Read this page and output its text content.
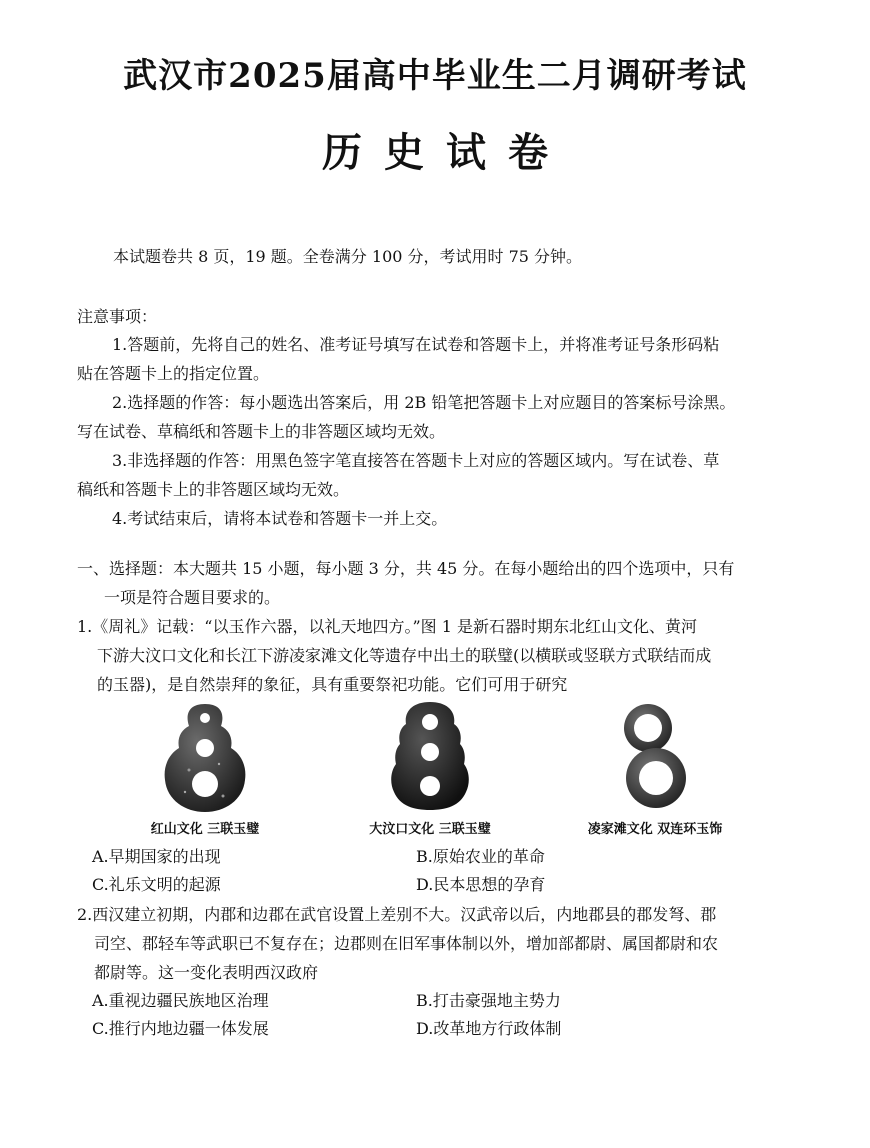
武汉市2025届高中毕业生二月调研考试
历史试卷
本试题卷共 8 页，19 题。全卷满分 100 分，考试用时 75 分钟。
注意事项：
1.答题前，先将自己的姓名、准考证号填写在试卷和答题卡上，并将准考证号条形码粘
贴在答题卡上的指定位置。
2.选择题的作答：每小题选出答案后，用 2B 铅笔把答题卡上对应题目的答案标号涂黑。
写在试卷、草稿纸和答题卡上的非答题区域均无效。
3.非选择题的作答：用黑色签字笔直接答在答题卡上对应的答题区域内。写在试卷、草
稿纸和答题卡上的非答题区域均无效。
4.考试结束后，请将本试卷和答题卡一并上交。
一、选择题：本大题共 15 小题，每小题 3 分，共 45 分。在每小题给出的四个选项中，只有
一项是符合题目要求的。
1.《周礼》记载：“以玉作六器，以礼天地四方。”图 1 是新石器时期东北红山文化、黄河
下游大汶口文化和长江下游凌家滩文化等遗存中出土的联璧(以横联或竖联方式联结而成
的玉器)，是自然崇拜的象征，具有重要祭祀功能。它们可用于研究
红山文化 三联玉璧	大汶口文化 三联玉璧	凌家滩文化 双连环玉饰
A.早期国家的出现	B.原始农业的革命
C.礼乐文明的起源	D.民本思想的孕育
2.西汉建立初期，内郡和边郡在武官设置上差别不大。汉武帝以后，内地郡县的郡发弩、郡
司空、郡轻车等武职已不复存在；边郡则在旧军事体制以外，增加部都尉、属国都尉和农
都尉等。这一变化表明西汉政府
A.重视边疆民族地区治理	B.打击豪强地主势力
C.推行内地边疆一体发展	D.改革地方行政体制
